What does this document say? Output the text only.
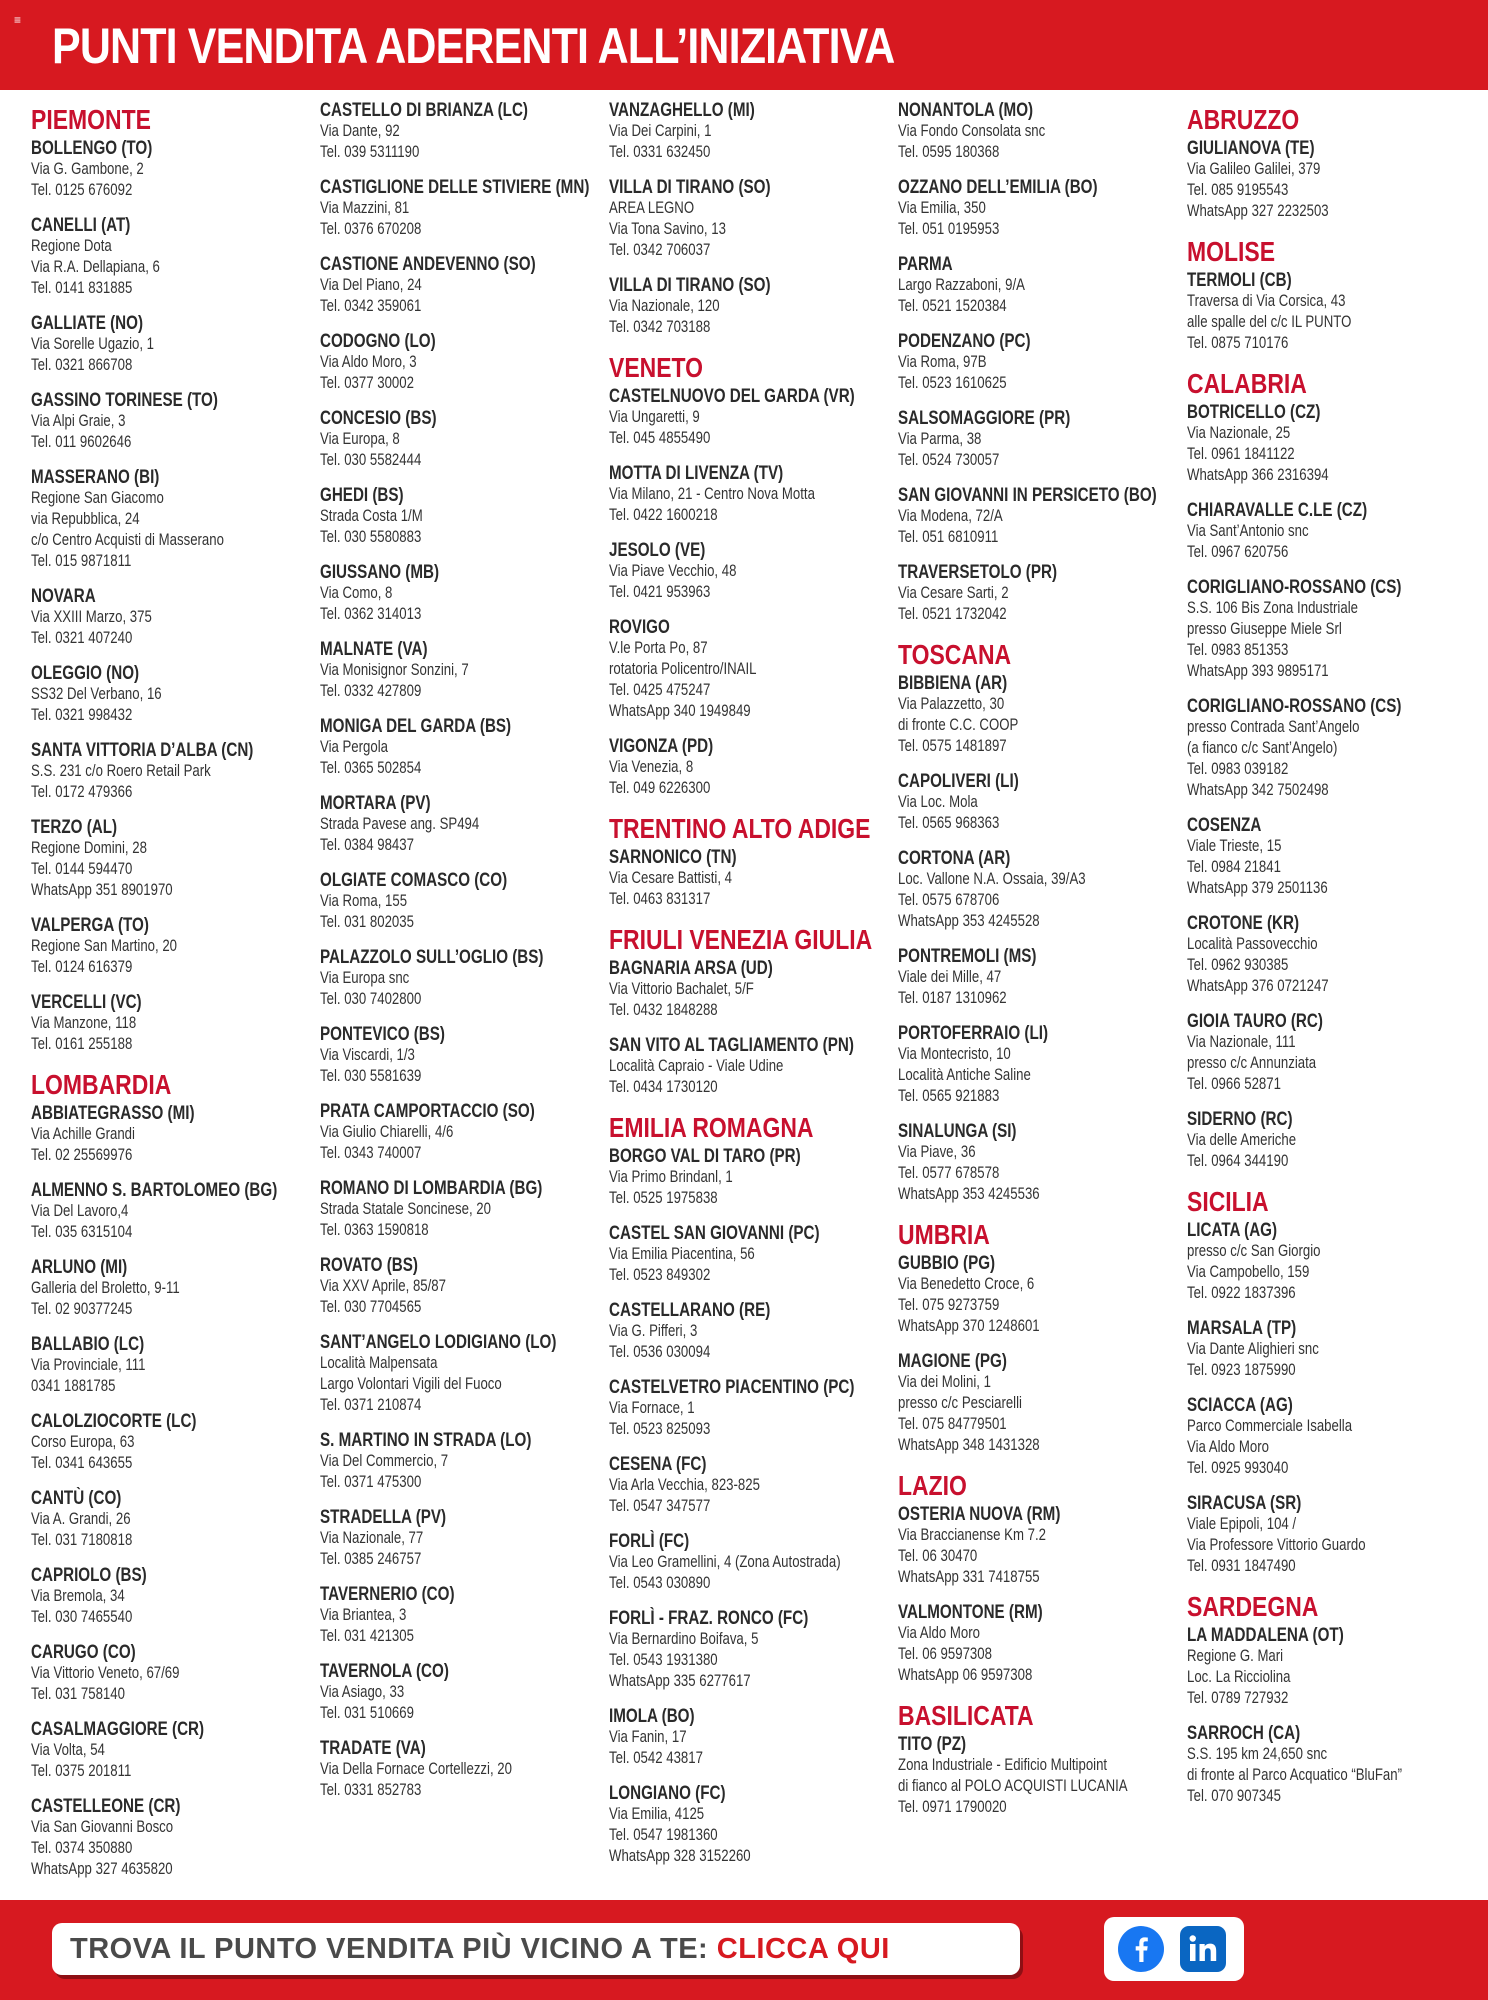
≡ PUNTI VENDITA ADERENTI ALL’INIZIATIVA
PIEMONTE
BOLLENGO (TO)
Via G. Gambone, 2
Tel. 0125 676092
CANELLI (AT)
Regione Dota
Via R.A. Dellapiana, 6
Tel. 0141 831885
GALLIATE (NO)
Via Sorelle Ugazio, 1
Tel. 0321 866708
GASSINO TORINESE (TO)
Via Alpi Graie, 3
Tel. 011 9602646
MASSERANO (BI)
Regione San Giacomo
via Repubblica, 24
c/o Centro Acquisti di Masserano
Tel. 015 9871811
NOVARA
Via XXIII Marzo, 375
Tel. 0321 407240
OLEGGIO (NO)
SS32 Del Verbano, 16
Tel. 0321 998432
SANTA VITTORIA D’ALBA (CN)
S.S. 231 c/o Roero Retail Park
Tel. 0172 479366
TERZO (AL)
Regione Domini, 28
Tel. 0144 594470
WhatsApp 351 8901970
VALPERGA (TO)
Regione San Martino, 20
Tel. 0124 616379
VERCELLI (VC)
Via Manzone, 118
Tel. 0161 255188
LOMBARDIA
ABBIATEGRASSO (MI)
Via Achille Grandi
Tel. 02 25569976
ALMENNO S. BARTOLOMEO (BG)
Via Del Lavoro,4
Tel. 035 6315104
ARLUNO (MI)
Galleria del Broletto, 9-11
Tel. 02 90377245
BALLABIO (LC)
Via Provinciale, 111
0341 1881785
CALOLZIOCORTE (LC)
Corso Europa, 63
Tel. 0341 643655
CANTÙ (CO)
Via A. Grandi, 26
Tel. 031 7180818
CAPRIOLO (BS)
Via Bremola, 34
Tel. 030 7465540
CARUGO (CO)
Via Vittorio Veneto, 67/69
Tel. 031 758140
CASALMAGGIORE (CR)
Via Volta, 54
Tel. 0375 201811
CASTELLEONE (CR)
Via San Giovanni Bosco
Tel. 0374 350880
WhatsApp 327 4635820
CASTELLO DI BRIANZA (LC)
Via Dante, 92
Tel. 039 5311190
CASTIGLIONE DELLE STIVIERE (MN)
Via Mazzini, 81
Tel. 0376 670208
CASTIONE ANDEVENNO (SO)
Via Del Piano, 24
Tel. 0342 359061
CODOGNO (LO)
Via Aldo Moro, 3
Tel. 0377 30002
CONCESIO (BS)
Via Europa, 8
Tel. 030 5582444
GHEDI (BS)
Strada Costa 1/M
Tel. 030 5580883
GIUSSANO (MB)
Via Como, 8
Tel. 0362 314013
MALNATE (VA)
Via Monisignor Sonzini, 7
Tel. 0332 427809
MONIGA DEL GARDA (BS)
Via Pergola
Tel. 0365 502854
MORTARA (PV)
Strada Pavese ang. SP494
Tel. 0384 98437
OLGIATE COMASCO (CO)
Via Roma, 155
Tel. 031 802035
PALAZZOLO SULL’OGLIO (BS)
Via Europa snc
Tel. 030 7402800
PONTEVICO (BS)
Via Viscardi, 1/3
Tel. 030 5581639
PRATA CAMPORTACCIO (SO)
Via Giulio Chiarelli, 4/6
Tel. 0343 740007
ROMANO DI LOMBARDIA (BG)
Strada Statale Soncinese, 20
Tel. 0363 1590818
ROVATO (BS)
Via XXV Aprile, 85/87
Tel. 030 7704565
SANT’ANGELO LODIGIANO (LO)
Località Malpensata
Largo Volontari Vigili del Fuoco
Tel. 0371 210874
S. MARTINO IN STRADA (LO)
Via Del Commercio, 7
Tel. 0371 475300
STRADELLA (PV)
Via Nazionale, 77
Tel. 0385 246757
TAVERNERIO (CO)
Via Briantea, 3
Tel. 031 421305
TAVERNOLA (CO)
Via Asiago, 33
Tel. 031 510669
TRADATE (VA)
Via Della Fornace Cortellezzi, 20
Tel. 0331 852783
VANZAGHELLO (MI)
Via Dei Carpini, 1
Tel. 0331 632450
VILLA DI TIRANO (SO)
AREA LEGNO
Via Tona Savino, 13
Tel. 0342 706037
VILLA DI TIRANO (SO)
Via Nazionale, 120
Tel. 0342 703188
VENETO
CASTELNUOVO DEL GARDA (VR)
Via Ungaretti, 9
Tel. 045 4855490
MOTTA DI LIVENZA (TV)
Via Milano, 21 - Centro Nova Motta
Tel. 0422 1600218
JESOLO (VE)
Via Piave Vecchio, 48
Tel. 0421 953963
ROVIGO
V.le Porta Po, 87
rotatoria Policentro/INAIL
Tel. 0425 475247
WhatsApp 340 1949849
VIGONZA (PD)
Via Venezia, 8
Tel. 049 6226300
TRENTINO ALTO ADIGE
SARNONICO (TN)
Via Cesare Battisti, 4
Tel. 0463 831317
FRIULI VENEZIA GIULIA
BAGNARIA ARSA (UD)
Via Vittorio Bachalet, 5/F
Tel. 0432 1848288
SAN VITO AL TAGLIAMENTO (PN)
Località Capraio - Viale Udine
Tel. 0434 1730120
EMILIA ROMAGNA
BORGO VAL DI TARO (PR)
Via Primo Brindanl, 1
Tel. 0525 1975838
CASTEL SAN GIOVANNI (PC)
Via Emilia Piacentina, 56
Tel. 0523 849302
CASTELLARANO (RE)
Via G. Pifferi, 3
Tel. 0536 030094
CASTELVETRO PIACENTINO (PC)
Via Fornace, 1
Tel. 0523 825093
CESENA (FC)
Via Arla Vecchia, 823-825
Tel. 0547 347577
FORLÌ (FC)
Via Leo Gramellini, 4 (Zona Autostrada)
Tel. 0543 030890
FORLÌ - FRAZ. RONCO (FC)
Via Bernardino Boifava, 5
Tel. 0543 1931380
WhatsApp 335 6277617
IMOLA (BO)
Via Fanin, 17
Tel. 0542 43817
LONGIANO (FC)
Via Emilia, 4125
Tel. 0547 1981360
WhatsApp 328 3152260
NONANTOLA (MO)
Via Fondo Consolata snc
Tel. 0595 180368
OZZANO DELL’EMILIA (BO)
Via Emilia, 350
Tel. 051 0195953
PARMA
Largo Razzaboni, 9/A
Tel. 0521 1520384
PODENZANO (PC)
Via Roma, 97B
Tel. 0523 1610625
SALSOMAGGIORE (PR)
Via Parma, 38
Tel. 0524 730057
SAN GIOVANNI IN PERSICETO (BO)
Via Modena, 72/A
Tel. 051 6810911
TRAVERSETOLO (PR)
Via Cesare Sarti, 2
Tel. 0521 1732042
TOSCANA
BIBBIENA (AR)
Via Palazzetto, 30
di fronte C.C. COOP
Tel. 0575 1481897
CAPOLIVERI (LI)
Via Loc. Mola
Tel. 0565 968363
CORTONA (AR)
Loc. Vallone N.A. Ossaia, 39/A3
Tel. 0575 678706
WhatsApp 353 4245528
PONTREMOLI (MS)
Viale dei Mille, 47
Tel. 0187 1310962
PORTOFERRAIO (LI)
Via Montecristo, 10
Località Antiche Saline
Tel. 0565 921883
SINALUNGA (SI)
Via Piave, 36
Tel. 0577 678578
WhatsApp 353 4245536
UMBRIA
GUBBIO (PG)
Via Benedetto Croce, 6
Tel. 075 9273759
WhatsApp 370 1248601
MAGIONE (PG)
Via dei Molini, 1
presso c/c Pesciarelli
Tel. 075 84779501
WhatsApp 348 1431328
LAZIO
OSTERIA NUOVA (RM)
Via Braccianense Km 7.2
Tel. 06 30470
WhatsApp 331 7418755
VALMONTONE (RM)
Via Aldo Moro
Tel. 06 9597308
WhatsApp 06 9597308
BASILICATA
TITO (PZ)
Zona Industriale - Edificio Multipoint
di fianco al POLO ACQUISTI LUCANIA
Tel. 0971 1790020
ABRUZZO
GIULIANOVA (TE)
Via Galileo Galilei, 379
Tel. 085 9195543
WhatsApp 327 2232503
MOLISE
TERMOLI (CB)
Traversa di Via Corsica, 43
alle spalle del c/c IL PUNTO
Tel. 0875 710176
CALABRIA
BOTRICELLO (CZ)
Via Nazionale, 25
Tel. 0961 1841122
WhatsApp 366 2316394
CHIARAVALLE C.LE (CZ)
Via Sant’Antonio snc
Tel. 0967 620756
CORIGLIANO-ROSSANO (CS)
S.S. 106 Bis Zona Industriale
presso Giuseppe Miele Srl
Tel. 0983 851353
WhatsApp 393 9895171
CORIGLIANO-ROSSANO (CS)
presso Contrada Sant’Angelo
(a fianco c/c Sant’Angelo)
Tel. 0983 039182
WhatsApp 342 7502498
COSENZA
Viale Trieste, 15
Tel. 0984 21841
WhatsApp 379 2501136
CROTONE (KR)
Località Passovecchio
Tel. 0962 930385
WhatsApp 376 0721247
GIOIA TAURO (RC)
Via Nazionale, 111
presso c/c Annunziata
Tel. 0966 52871
SIDERNO (RC)
Via delle Americhe
Tel. 0964 344190
SICILIA
LICATA (AG)
presso c/c San Giorgio
Via Campobello, 159
Tel. 0922 1837396
MARSALA (TP)
Via Dante Alighieri snc
Tel. 0923 1875990
SCIACCA (AG)
Parco Commerciale Isabella
Via Aldo Moro
Tel. 0925 993040
SIRACUSA (SR)
Viale Epipoli, 104 /
Via Professore Vittorio Guardo
Tel. 0931 1847490
SARDEGNA
LA MADDALENA (OT)
Regione G. Mari
Loc. La Ricciolina
Tel. 0789 727932
SARROCH (CA)
S.S. 195 km 24,650 snc
di fronte al Parco Acquatico “BluFan”
Tel. 070 907345
TROVA IL PUNTO VENDITA PIÙ VICINO A TE: CLICCA QUI
